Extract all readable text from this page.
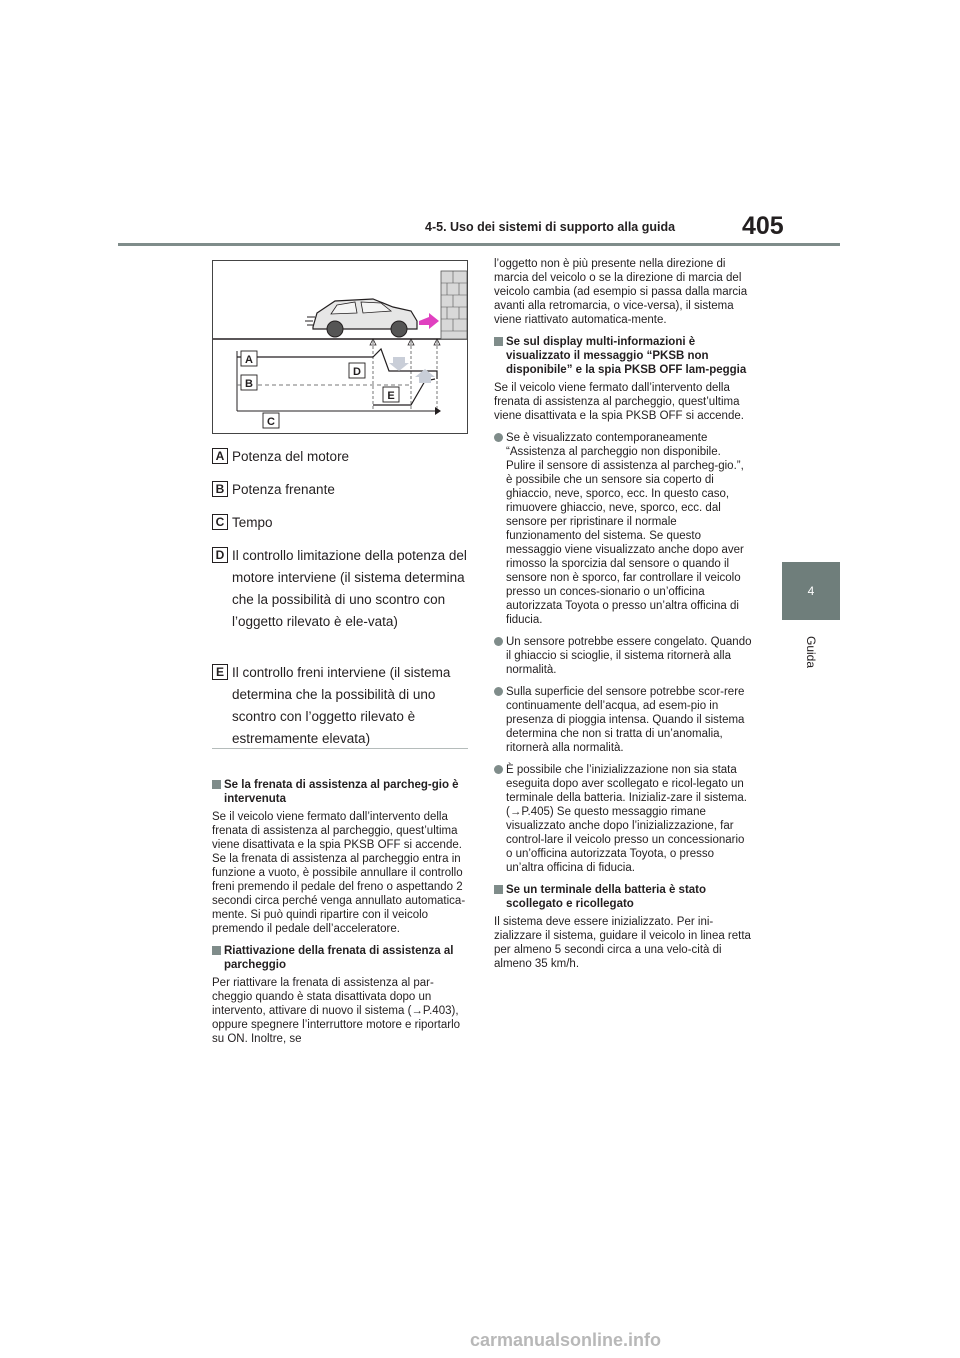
4-5. Uso dei sistemi di supporto alla guida	405
4
Guida
A
B
C
D
E
A Potenza del motore
B Potenza frenante
C Tempo
D Il controllo limitazione della potenza del motore interviene (il sistema determina che la possibilità di uno scontro con l’oggetto rilevato è ele-vata)
E Il controllo freni interviene (il sistema determina che la possibilità di uno scontro con l’oggetto rilevato è estremamente elevata)

Se la frenata di assistenza al parcheg-gio è intervenuta

Se il veicolo viene fermato dall’intervento della frenata di assistenza al parcheggio, quest’ultima viene disattivata e la spia PKSB OFF si accende. Se la frenata di assistenza al parcheggio entra in funzione a vuoto, è possibile annullare il controllo freni premendo il pedale del freno o aspettando 2 secondi circa perché venga annullato automatica-mente. Si può quindi ripartire con il veicolo premendo il pedale dell’acceleratore.

Riattivazione della frenata di assistenza al parcheggio

Per riattivare la frenata di assistenza al par-cheggio quando è stata disattivata dopo un intervento, attivare di nuovo il sistema (→P.403), oppure spegnere l’interruttore motore e riportarlo su ON. Inoltre, se

l’oggetto non è più presente nella direzione di marcia del veicolo o se la direzione di marcia del veicolo cambia (ad esempio si passa dalla marcia avanti alla retromarcia, o vice-versa), il sistema viene riattivato automatica-mente.

Se sul display multi-informazioni è visualizzato il messaggio “PKSB non disponibile” e la spia PKSB OFF lam-peggia

Se il veicolo viene fermato dall’intervento della frenata di assistenza al parcheggio, quest’ultima viene disattivata e la spia PKSB OFF si accende.

Se è visualizzato contemporaneamente “Assistenza al parcheggio non disponibile. Pulire il sensore di assistenza al parcheg-gio.”, è possibile che un sensore sia coperto di ghiaccio, neve, sporco, ecc. In questo caso, rimuovere ghiaccio, neve, sporco, ecc. dal sensore per ripristinare il normale funzionamento del sistema. Se questo messaggio viene visualizzato anche dopo aver rimosso la sporcizia dal sensore o quando il sensore non è sporco, far controllare il veicolo presso un conces-sionario o un’officina autorizzata Toyota o presso un’altra officina di fiducia.

Un sensore potrebbe essere congelato. Quando il ghiaccio si scioglie, il sistema ritornerà alla normalità.

Sulla superficie del sensore potrebbe scor-rere continuamente dell’acqua, ad esem-pio in presenza di pioggia intensa. Quando il sistema determina che non si tratta di un’anomalia, ritornerà alla normalità.

È possibile che l’inizializzazione non sia stata eseguita dopo aver scollegato e ricol-legato un terminale della batteria. Inizializ-zare il sistema. (→P.405) Se questo messaggio rimane visualizzato anche dopo l’inizializzazione, far control-lare il veicolo presso un concessionario o un’officina autorizzata Toyota, o presso un’altra officina di fiducia.

Se un terminale della batteria è stato scollegato e ricollegato

Il sistema deve essere inizializzato. Per ini-zializzare il sistema, guidare il veicolo in linea retta per almeno 5 secondi circa a una velo-cità di almeno 35 km/h.

carmanualsonline.info
